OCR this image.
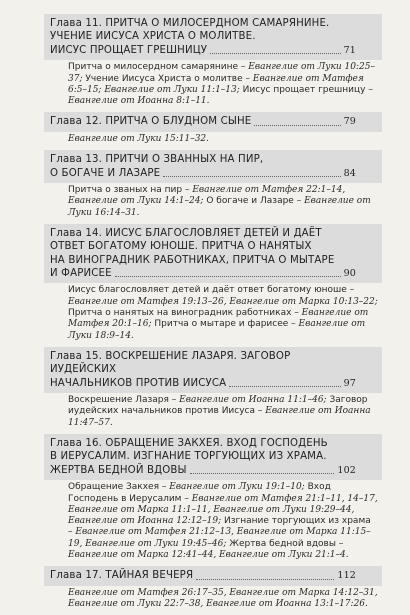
Глава 11. ПРИТЧА О МИЛОСЕРДНОМ САМАРЯНИНЕ.
УЧЕНИЕ ИИСУСА ХРИСТА О МОЛИТВЕ.
ИИСУС ПРОЩАЕТ ГРЕШНИЦУ	71
Притча о милосердном самарянине – Евангелие от Луки 10:25–37; Учение Иисуса Христа о молитве – Евангелие от Матфея 6:5–15; Евангелие от Луки 11:1–13; Иисус прощает грешницу – Евангелие от Иоанна 8:1–11.
Глава 12. ПРИТЧА О БЛУДНОМ СЫНЕ	79
Евангелие от Луки 15:11–32.
Глава 13. ПРИТЧИ О ЗВАННЫХ НА ПИР,
О БОГАЧЕ И ЛАЗАРЕ	84
Притча о званых на пир – Евангелие от Матфея 22:1–14, Евангелие от Луки 14:1–24; О богаче и Лазаре – Евангелие от Луки 16:14–31.
Глава 14. ИИСУС БЛАГОСЛОВЛЯЕТ ДЕТЕЙ И ДАЁТ
ОТВЕТ БОГАТОМУ ЮНОШЕ. ПРИТЧА О НАНЯТЫХ
НА ВИНОГРАДНИК РАБОТНИКАХ, ПРИТЧА О МЫТАРЕ
И ФАРИСЕЕ	90
Иисус благословляет детей и даёт ответ богатому юноше – Евангелие от Матфея 19:13–26, Евангелие от Марка 10:13–22; Притча о нанятых на виноградник работниках – Евангелие от Матфея 20:1–16; Притча о мытаре и фарисее – Евангелие от Луки 18:9–14.
Глава 15. ВОСКРЕШЕНИЕ ЛАЗАРЯ. ЗАГОВОР ИУДЕЙСКИХ
НАЧАЛЬНИКОВ ПРОТИВ ИИСУСА	97
Воскрешение Лазаря – Евангелие от Иоанна 11:1–46; Заговор иудейских начальников против Иисуса – Евангелие от Иоанна 11:47–57.
Глава 16. ОБРАЩЕНИЕ ЗАКХЕЯ. ВХОД ГОСПОДЕНЬ
В ИЕРУСАЛИМ. ИЗГНАНИЕ ТОРГУЮЩИХ ИЗ ХРАМА.
ЖЕРТВА БЕДНОЙ ВДОВЫ	102
Обращение Закхея – Евангелие от Луки 19:1–10; Вход Господень в Иерусалим – Евангелие от Матфея 21:1–11, 14–17, Евангелие от Марка 11:1–11, Евангелие от Луки 19:29–44, Евангелие от Иоанна 12:12–19; Изгнание торгующих из храма – Евангелие от Матфея 21:12–13, Евангелие от Марка 11:15–19, Евангелие от Луки 19:45–46; Жертва бедной вдовы – Евангелие от Марка 12:41–44, Евангелие от Луки 21:1–4.
Глава 17. ТАЙНАЯ ВЕЧЕРЯ	112
Евангелие от Матфея 26:17–35, Евангелие от Марка 14:12–31, Евангелие от Луки 22:7–38, Евангелие от Иоанна 13:1–17:26.
